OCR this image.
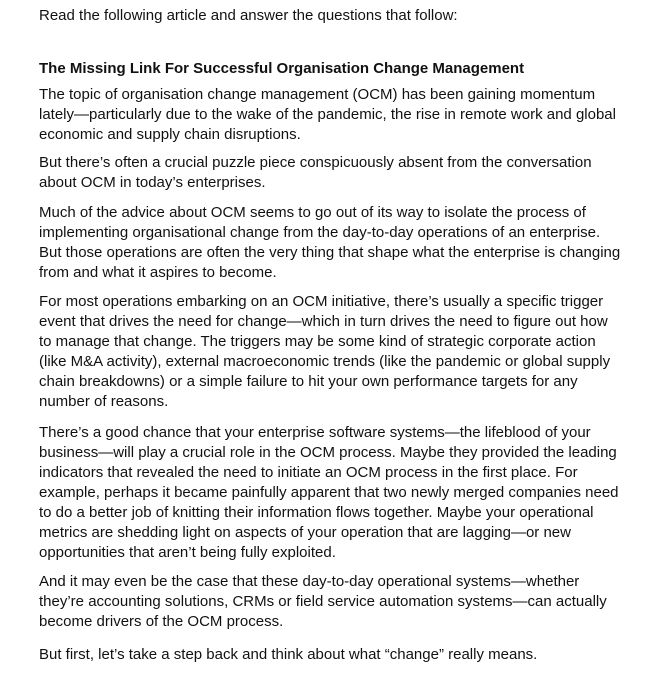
Read the following article and answer the questions that follow:

The Missing Link For Successful Organisation Change Management

The topic of organisation change management (OCM) has been gaining momentum
lately—particularly due to the wake of the pandemic, the rise in remote work and global
economic and supply chain disruptions.

But there’s often a crucial puzzle piece conspicuously absent from the conversation
about OCM in today’s enterprises.

Much of the advice about OCM seems to go out of its way to isolate the process of
implementing organisational change from the day-to-day operations of an enterprise.
But those operations are often the very thing that shape what the enterprise is changing
from and what it aspires to become.

For most operations embarking on an OCM initiative, there’s usually a specific trigger
event that drives the need for change—which in turn drives the need to figure out how
to manage that change. The triggers may be some kind of strategic corporate action
(like M&A activity), external macroeconomic trends (like the pandemic or global supply
chain breakdowns) or a simple failure to hit your own performance targets for any
number of reasons.

There’s a good chance that your enterprise software systems—the lifeblood of your
business—will play a crucial role in the OCM process. Maybe they provided the leading
indicators that revealed the need to initiate an OCM process in the first place. For
example, perhaps it became painfully apparent that two newly merged companies need
to do a better job of knitting their information flows together. Maybe your operational
metrics are shedding light on aspects of your operation that are lagging—or new
opportunities that aren’t being fully exploited.

And it may even be the case that these day-to-day operational systems—whether
they’re accounting solutions, CRMs or field service automation systems—can actually
become drivers of the OCM process.

But first, let’s take a step back and think about what “change” really means.
